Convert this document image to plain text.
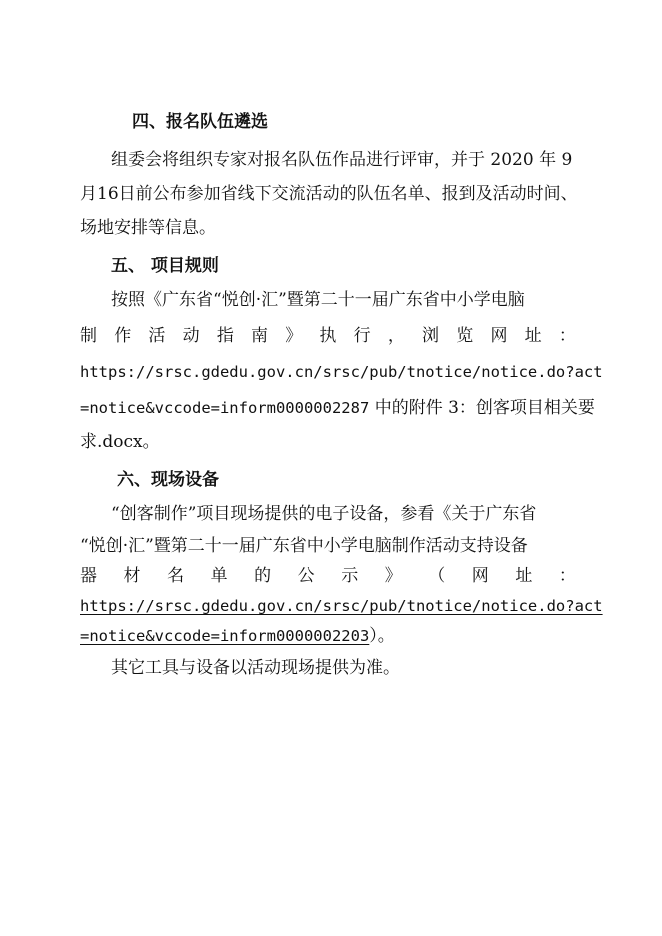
四、报名队伍遴选
组委会将组织专家对报名队伍作品进行评审，并于 2020 年 9
月16日前公布参加省线下交流活动的队伍名单、报到及活动时间、
场地安排等信息。
五、 项目规则
按照《广东省“悦创·汇”暨第二十一届广东省中小学电脑
制 作 活 动 指 南 》 执 行 ， 浏 览 网 址 ：
https://srsc.gdedu.gov.cn/srsc/pub/tnotice/notice.do?act
=notice&vccode=inform0000002287 中的附件 3：创客项目相关要
求.docx。
六、现场设备
“创客制作”项目现场提供的电子设备，参看《关于广东省
“悦创·汇”暨第二十一届广东省中小学电脑制作活动支持设备
器 材 名 单 的 公 示 》 （ 网 址 ：
https://srsc.gdedu.gov.cn/srsc/pub/tnotice/notice.do?act
=notice&vccode=inform0000002203）。
其它工具与设备以活动现场提供为准。
